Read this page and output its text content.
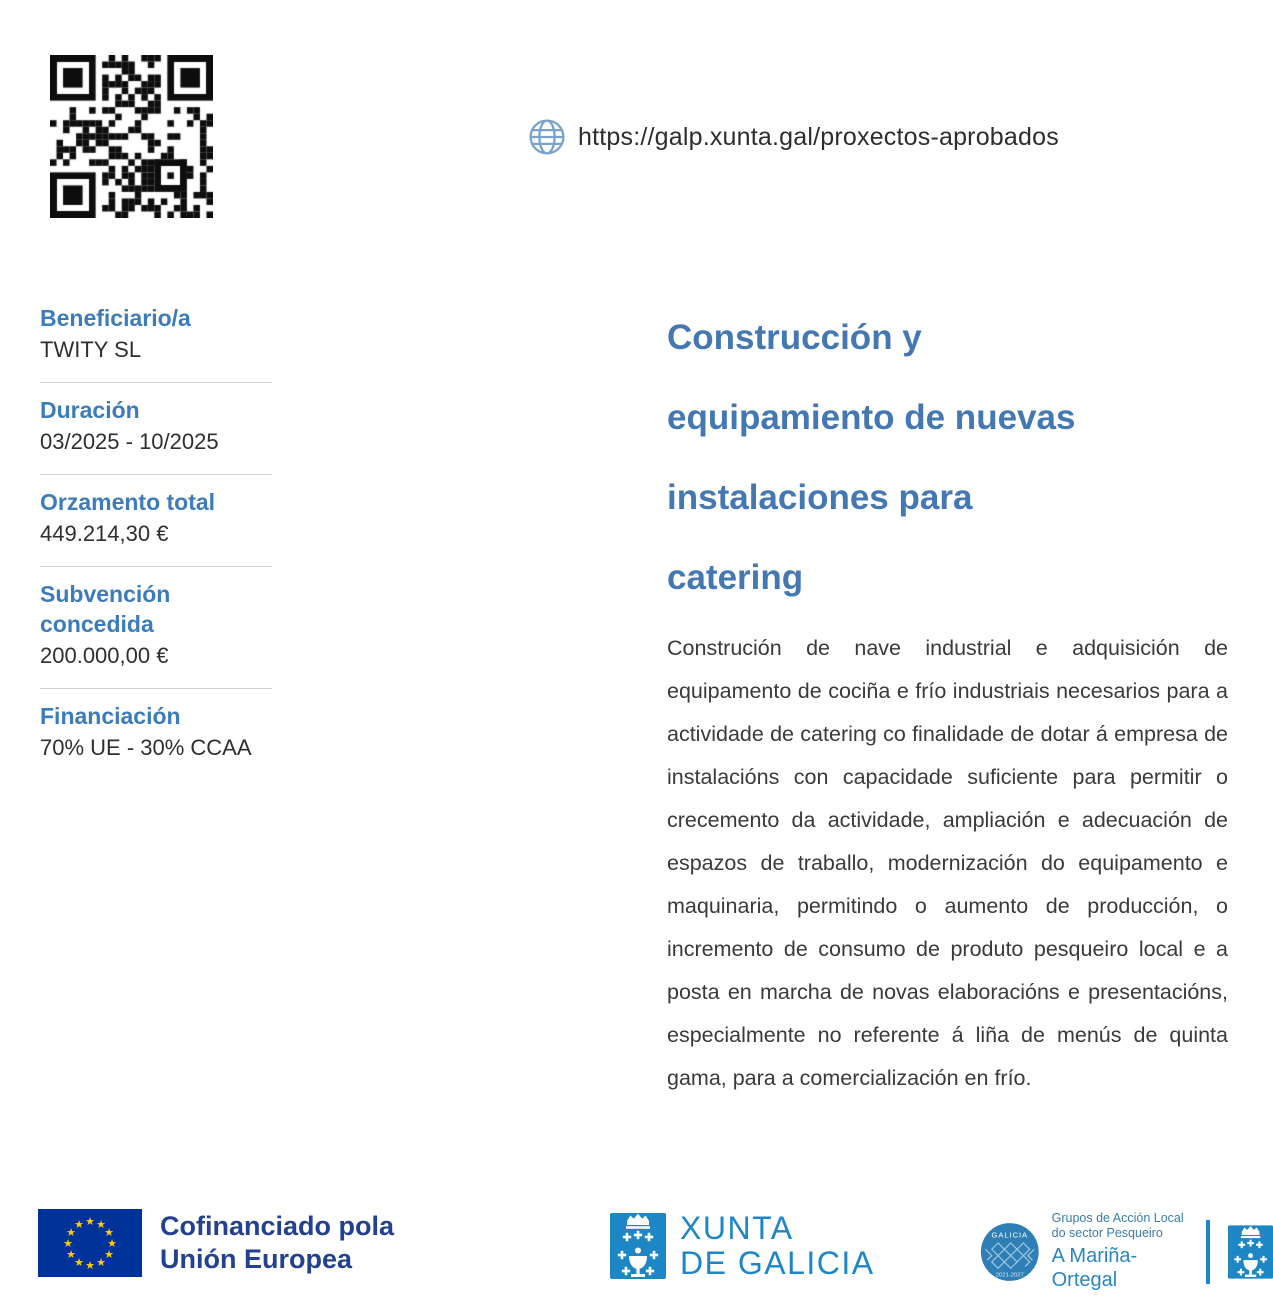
https://galp.xunta.gal/proxectos-aprobados
Beneficiario/a
TWITY SL
Duración
03/2025 - 10/2025
Orzamento total
449.214,30 €
Subvención concedida
200.000,00 €
Financiación
70% UE - 30% CCAA
Construcción y
equipamiento de nuevas
instalaciones para
catering

Construción de nave industrial e adquisición de equipamento de cociña e frío industriais necesarios para a actividade de catering co finalidade de dotar á empresa de instalacións con capacidade suficiente para permitir o crecemento da actividade, ampliación e adecuación de espazos de traballo, modernización do equipamento e maquinaria, permitindo o aumento de producción, o incremento de consumo de produto pesqueiro local e a posta en marcha de novas elaboracións e presentacións, especialmente no referente á liña de menús de quinta gama, para a comercialización en frío.

★ ★
★
★
★
★
★
★
★
★
★
★	Cofinanciado pola
Unión Europea
XUNTA
DE GALICIA
GALICIA
2021-2027
Grupos de Acción Local
do sector Pesqueiro
A Mariña-Ortegal
